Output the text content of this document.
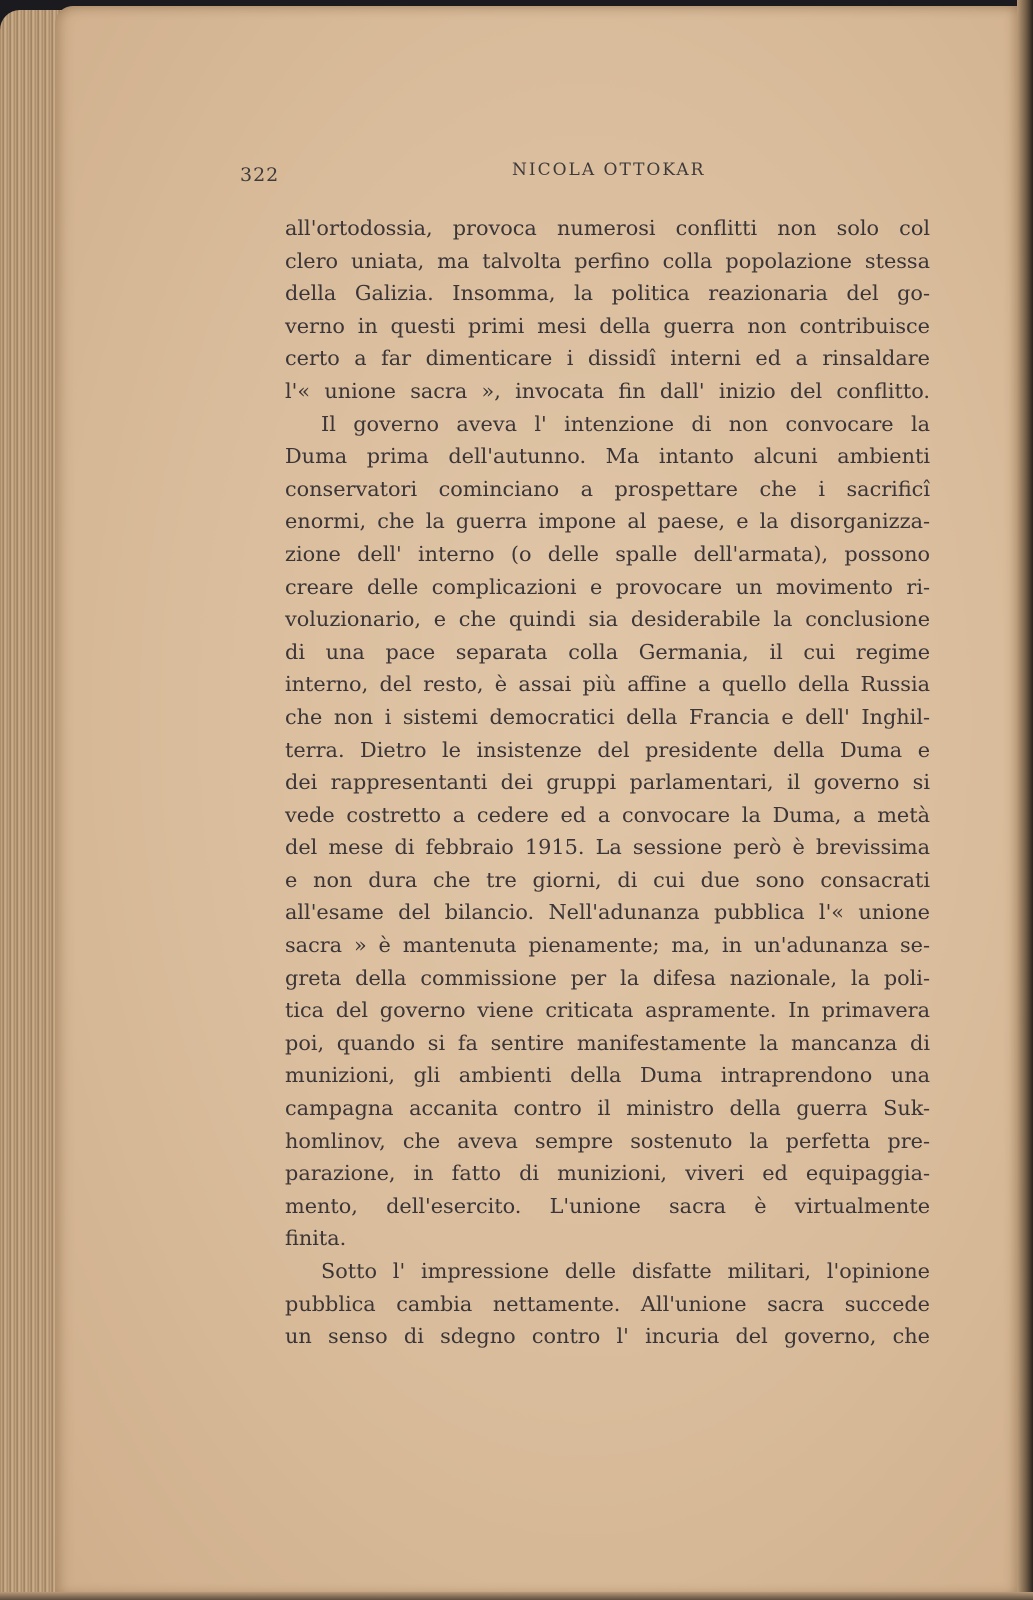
322	NICOLA OTTOKAR

all'ortodossia, provoca numerosi conflitti non solo col

clero uniata, ma talvolta perfino colla popolazione stessa

della Galizia. Insomma, la politica reazionaria del go-

verno in questi primi mesi della guerra non contribuisce

certo a far dimenticare i dissidî interni ed a rinsaldare

l'« unione sacra », invocata fin dall' inizio del conflitto.

Il governo aveva l' intenzione di non convocare la

Duma prima dell'autunno. Ma intanto alcuni ambienti

conservatori cominciano a prospettare che i sacrificî

enormi, che la guerra impone al paese, e la disorganizza-

zione dell' interno (o delle spalle dell'armata), possono

creare delle complicazioni e provocare un movimento ri-

voluzionario, e che quindi sia desiderabile la conclusione

di una pace separata colla Germania, il cui regime

interno, del resto, è assai più affine a quello della Russia

che non i sistemi democratici della Francia e dell' Inghil-

terra. Dietro le insistenze del presidente della Duma e

dei rappresentanti dei gruppi parlamentari, il governo si

vede costretto a cedere ed a convocare la Duma, a metà

del mese di febbraio 1915. La sessione però è brevissima

e non dura che tre giorni, di cui due sono consacrati

all'esame del bilancio. Nell'adunanza pubblica l'« unione

sacra » è mantenuta pienamente; ma, in un'adunanza se-

greta della commissione per la difesa nazionale, la poli-

tica del governo viene criticata aspramente. In primavera

poi, quando si fa sentire manifestamente la mancanza di

munizioni, gli ambienti della Duma intraprendono una

campagna accanita contro il ministro della guerra Suk-

homlinov, che aveva sempre sostenuto la perfetta pre-

parazione, in fatto di munizioni, viveri ed equipaggia-

mento, dell'esercito. L'unione sacra è virtualmente

finita.

Sotto l' impressione delle disfatte militari, l'opinione

pubblica cambia nettamente. All'unione sacra succede

un senso di sdegno contro l' incuria del governo, che
